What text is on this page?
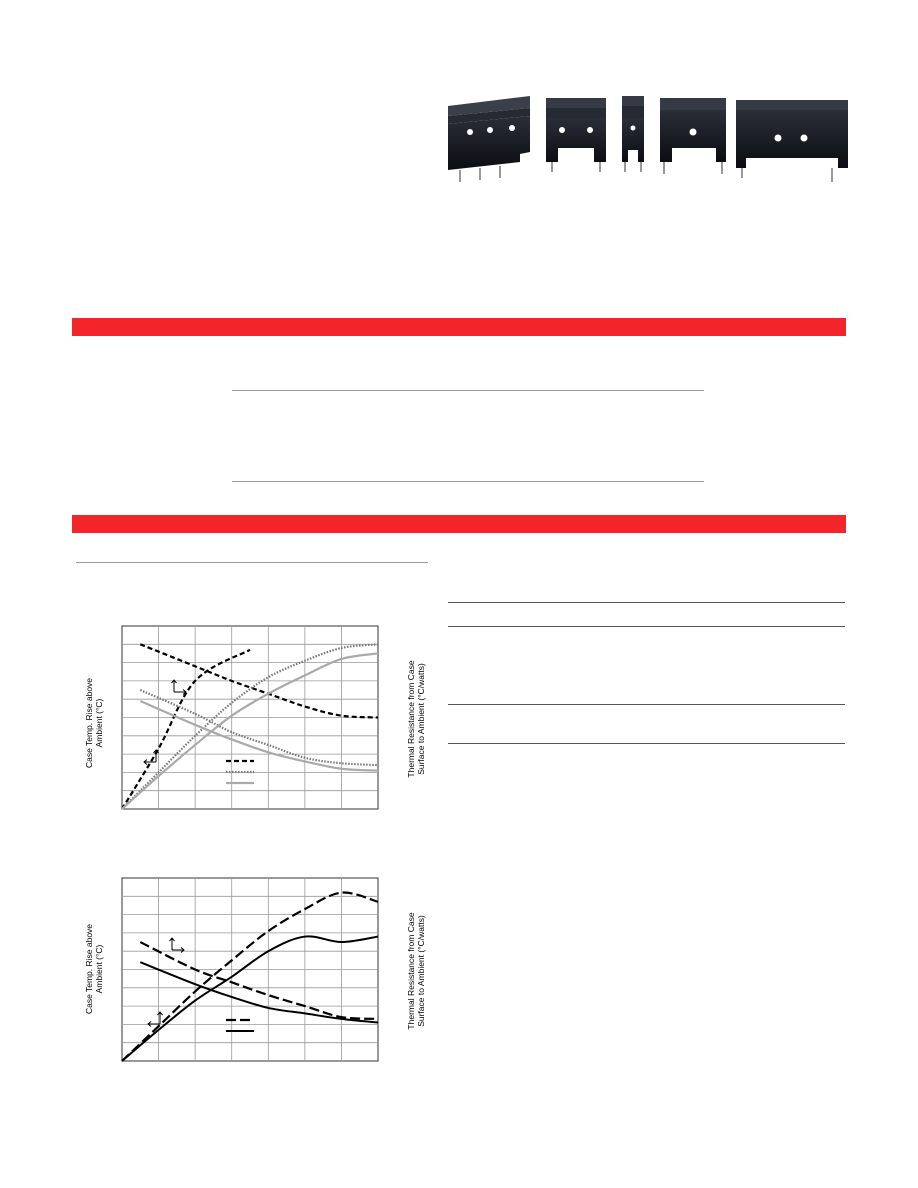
Case Temp. Rise above
Ambient (°C)
Thermal Resistance from Case
Surface to Ambient (°C/watts)
Case Temp. Rise above
Ambient (°C)
Thermal Resistance from Case
Surface to Ambient (°C/watts)
